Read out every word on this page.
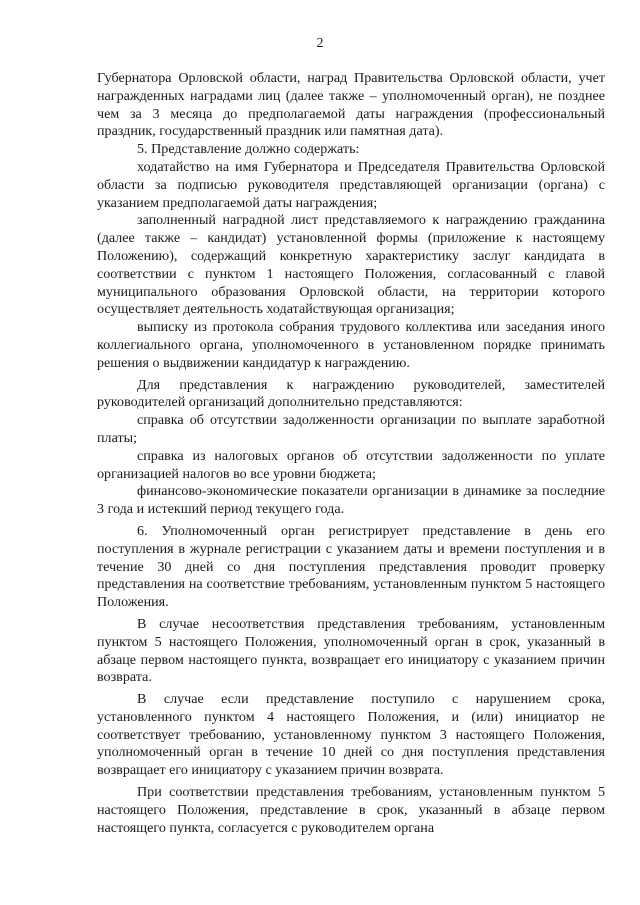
2

Губернатора Орловской области, наград Правительства Орловской области, учет награжденных наградами лиц (далее также – уполномоченный орган), не позднее чем за 3 месяца до предполагаемой даты награждения (профессиональный праздник, государственный праздник или памятная дата).

5. Представление должно содержать:

ходатайство на имя Губернатора и Председателя Правительства Орловской области за подписью руководителя представляющей организации (органа) с указанием предполагаемой даты награждения;

заполненный наградной лист представляемого к награждению гражданина (далее также – кандидат) установленной формы (приложение к настоящему Положению), содержащий конкретную характеристику заслуг кандидата в соответствии с пунктом 1 настоящего Положения, согласованный с главой муниципального образования Орловской области, на территории которого осуществляет деятельность ходатайствующая организация;

выписку из протокола собрания трудового коллектива или заседания иного коллегиального органа, уполномоченного в установленном порядке принимать решения о выдвижении кандидатур к награждению.

Для представления к награждению руководителей, заместителей руководителей организаций дополнительно представляются:

справка об отсутствии задолженности организации по выплате заработной платы;

справка из налоговых органов об отсутствии задолженности по уплате организацией налогов во все уровни бюджета;

финансово-экономические показатели организации в динамике за последние 3 года и истекший период текущего года.

6. Уполномоченный орган регистрирует представление в день его поступления в журнале регистрации с указанием даты и времени поступления и в течение 30 дней со дня поступления представления проводит проверку представления на соответствие требованиям, установленным пунктом 5 настоящего Положения.

В случае несоответствия представления требованиям, установленным пунктом 5 настоящего Положения, уполномоченный орган в срок, указанный в абзаце первом настоящего пункта, возвращает его инициатору с указанием причин возврата.

В случае если представление поступило с нарушением срока, установленного пунктом 4 настоящего Положения, и (или) инициатор не соответствует требованию, установленному пунктом 3 настоящего Положения, уполномоченный орган в течение 10 дней со дня поступления представления возвращает его инициатору с указанием причин возврата.

При соответствии представления требованиям, установленным пунктом 5 настоящего Положения, представление в срок, указанный в абзаце первом настоящего пункта, согласуется с руководителем органа
